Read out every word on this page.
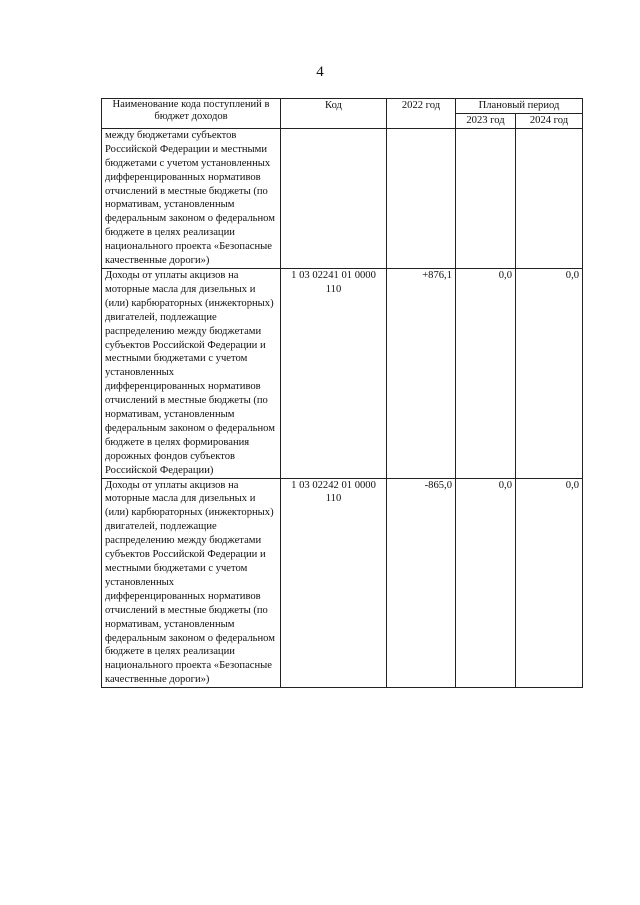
4
Наименование кода поступлений в бюджет доходов	Код	2022 год	Плановый период	
			2023 год	2024 год
между бюджетами субъектов Российской Федерации и местными бюджетами с учетом установленных дифференцированных нормативов отчислений в местные бюджеты (по нормативам, установленным федеральным законом о федеральном бюджете в целях реализации национального проекта «Безопасные качественные дороги»)				
Доходы от уплаты акцизов на моторные масла для дизельных и (или) карбюраторных (инжекторных) двигателей, подлежащие распределению между бюджетами субъектов Российской Федерации и местными бюджетами с учетом установленных дифференцированных нормативов отчислений в местные бюджеты (по нормативам, установленным федеральным законом о федеральном бюджете в целях формирования дорожных фондов субъектов Российской Федерации)	1 03 02241 01 0000 110	+876,1	0,0	0,0
Доходы от уплаты акцизов на моторные масла для дизельных и (или) карбюраторных (инжекторных) двигателей, подлежащие распределению между бюджетами субъектов Российской Федерации и местными бюджетами с учетом установленных дифференцированных нормативов отчислений в местные бюджеты (по нормативам, установленным федеральным законом о федеральном бюджете в целях реализации национального проекта «Безопасные качественные дороги»)	1 03 02242 01 0000 110	-865,0	0,0	0,0
